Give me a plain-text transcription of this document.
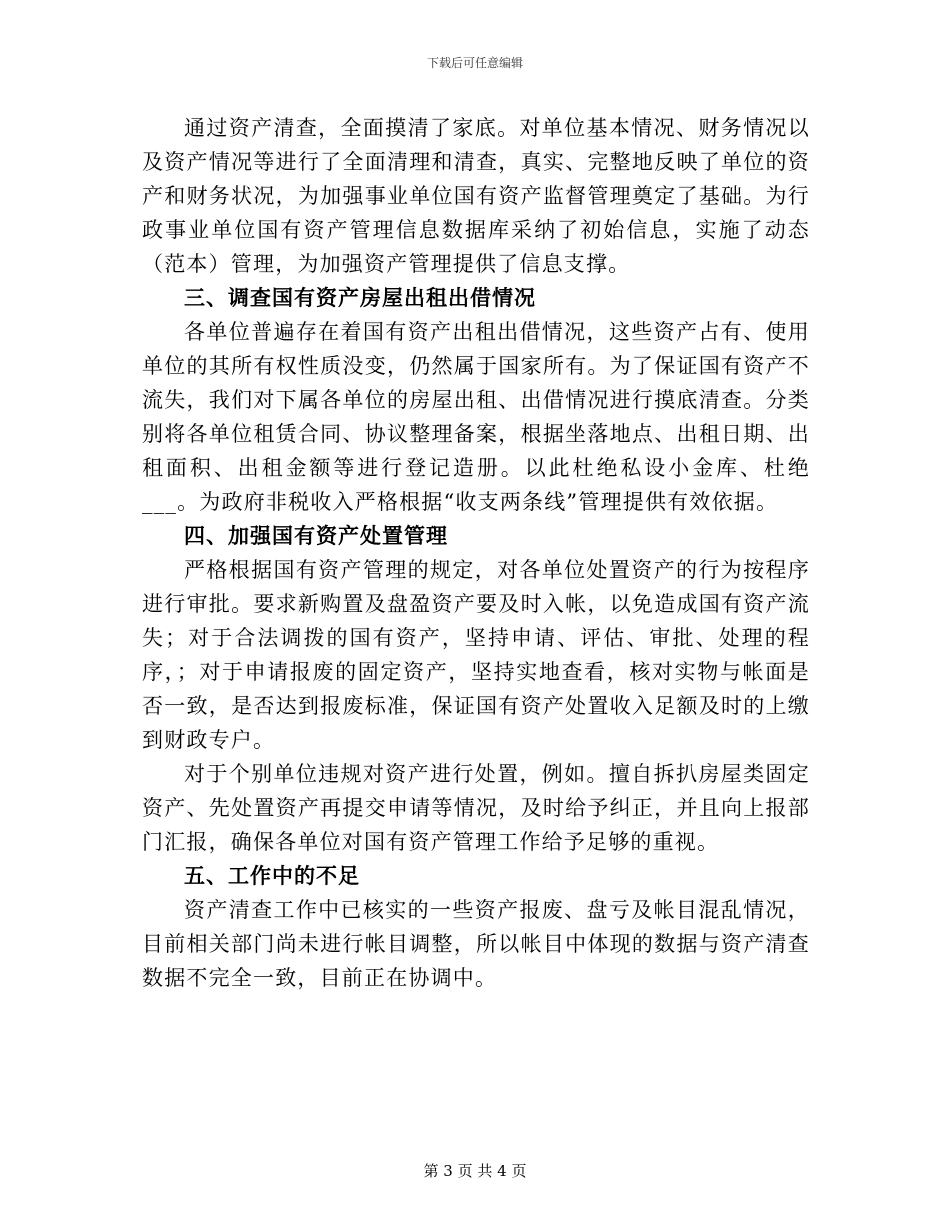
下载后可任意编辑

通过资产清查，全面摸清了家底。对单位基本情况、财务情况以及资产情况等进行了全面清理和清查，真实、完整地反映了单位的资产和财务状况，为加强事业单位国有资产监督管理奠定了基础。为行政事业单位国有资产管理信息数据库采纳了初始信息，实施了动态（范本）管理，为加强资产管理提供了信息支撑。

三、调查国有资产房屋出租出借情况

各单位普遍存在着国有资产出租出借情况，这些资产占有、使用单位的其所有权性质没变，仍然属于国家所有。为了保证国有资产不流失，我们对下属各单位的房屋出租、出借情况进行摸底清查。分类别将各单位租赁合同、协议整理备案，根据坐落地点、出租日期、出租面积、出租金额等进行登记造册。以此杜绝私设小金库、杜绝___。为政府非税收入严格根据“收支两条线”管理提供有效依据。

四、加强国有资产处置管理

严格根据国有资产管理的规定，对各单位处置资产的行为按程序进行审批。要求新购置及盘盈资产要及时入帐，以免造成国有资产流失；对于合法调拨的国有资产，坚持申请、评估、审批、处理的程序，；对于申请报废的固定资产，坚持实地查看，核对实物与帐面是否一致，是否达到报废标准，保证国有资产处置收入足额及时的上缴到财政专户。

对于个别单位违规对资产进行处置，例如。擅自拆扒房屋类固定资产、先处置资产再提交申请等情况，及时给予纠正，并且向上报部门汇报，确保各单位对国有资产管理工作给予足够的重视。

五、工作中的不足

资产清查工作中已核实的一些资产报废、盘亏及帐目混乱情况，目前相关部门尚未进行帐目调整，所以帐目中体现的数据与资产清查数据不完全一致，目前正在协调中。

第 3 页 共 4 页
